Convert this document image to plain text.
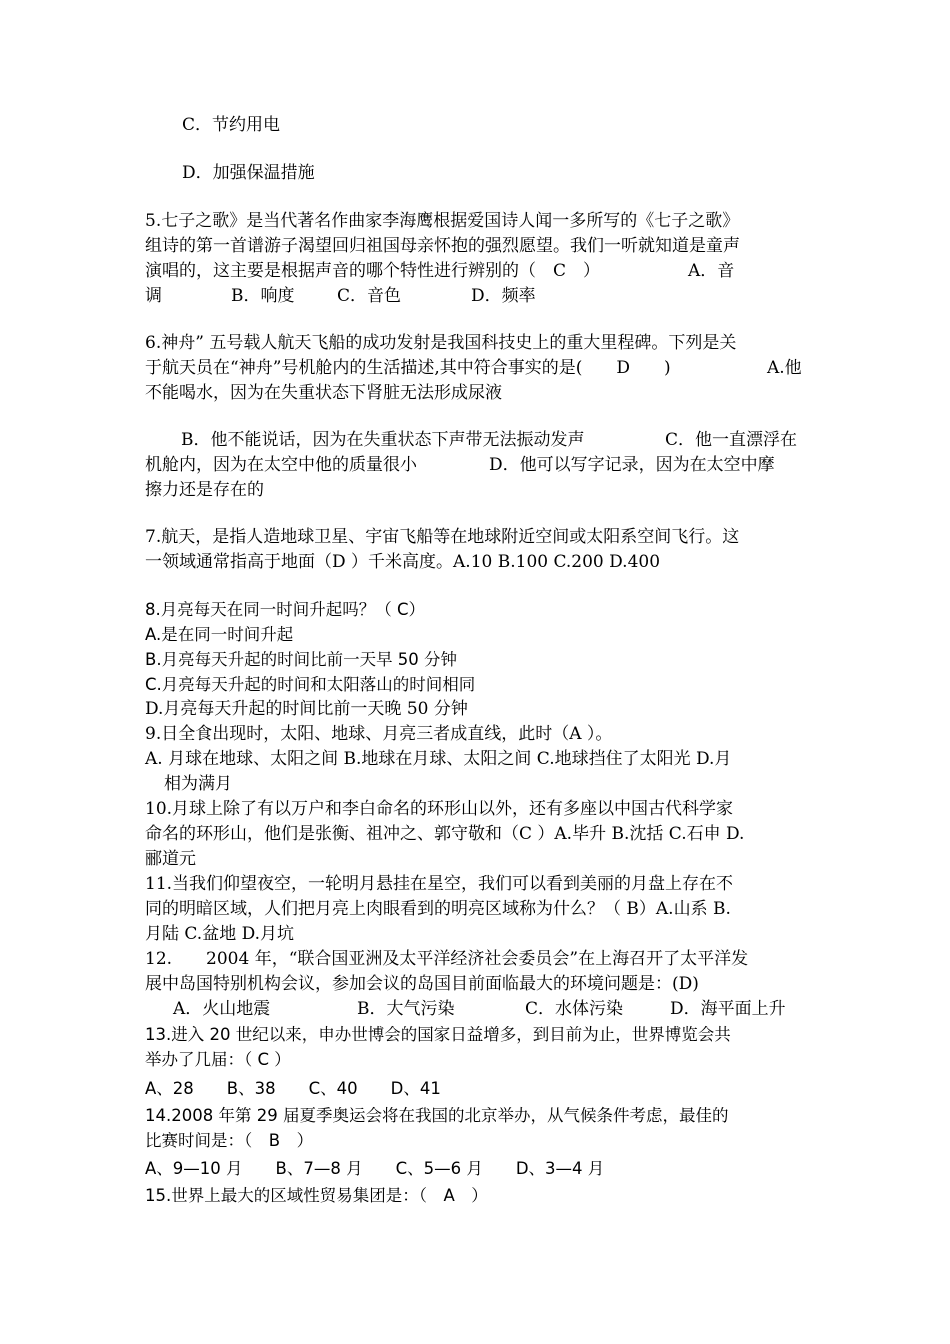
C．节约用电
D．加强保温措施
5.七子之歌》是当代著名作曲家李海鹰根据爱国诗人闻一多所写的《七子之歌》
组诗的第一首谱游子渴望回归祖国母亲怀抱的强烈愿望。我们一听就知道是童声
演唱的，这主要是根据声音的哪个特性进行辨别的（　C　）	A．音
调	B．响度	C．音色	D．频率
6.神舟” 五号载人航天飞船的成功发射是我国科技史上的重大里程碑。下列是关
于航天员在“神舟”号机舱内的生活描述,其中符合事实的是(　　D　　)	A.他
不能喝水，因为在失重状态下肾脏无法形成尿液
B．他不能说话，因为在失重状态下声带无法振动发声	C．他一直漂浮在
机舱内，因为在太空中他的质量很小	D．他可以写字记录，因为在太空中摩
擦力还是存在的
7.航天，是指人造地球卫星、宇宙飞船等在地球附近空间或太阳系空间飞行。这
一领域通常指高于地面（D ）千米高度。A.10 B.100 C.200 D.400
8.月亮每天在同一时间升起吗？（ C）
A.是在同一时间升起
B.月亮每天升起的时间比前一天早 50 分钟
C.月亮每天升起的时间和太阳落山的时间相同
D.月亮每天升起的时间比前一天晚 50 分钟
9.日全食出现时，太阳、地球、月亮三者成直线，此时（A ）。
A. 月球在地球、太阳之间 B.地球在月球、太阳之间 C.地球挡住了太阳光 D.月
相为满月
10.月球上除了有以万户和李白命名的环形山以外，还有多座以中国古代科学家
命名的环形山，他们是张衡、祖冲之、郭守敬和（C ）A.毕升 B.沈括 C.石申 D.
郦道元
11.当我们仰望夜空，一轮明月悬挂在星空，我们可以看到美丽的月盘上存在不
同的明暗区域，人们把月亮上肉眼看到的明亮区域称为什么？（ B）A.山系 B.
月陆 C.盆地 D.月坑
12.　　2004 年，“联合国亚洲及太平洋经济社会委员会”在上海召开了太平洋发
展中岛国特别机构会议，参加会议的岛国目前面临最大的环境问题是：(D)
A．火山地震	B．大气污染	C．水体污染	D．海平面上升
13.进入 20 世纪以来，申办世博会的国家日益增多，到目前为止，世界博览会共
举办了几届：（ C ）
A、28　　B、38　　C、40　　D、41
14.2008 年第 29 届夏季奥运会将在我国的北京举办，从气候条件考虑，最佳的
比赛时间是：（　B　）
A、9—10 月　　B、7—8 月　　C、5—6 月　　D、3—4 月
15.世界上最大的区域性贸易集团是：（　A　）
